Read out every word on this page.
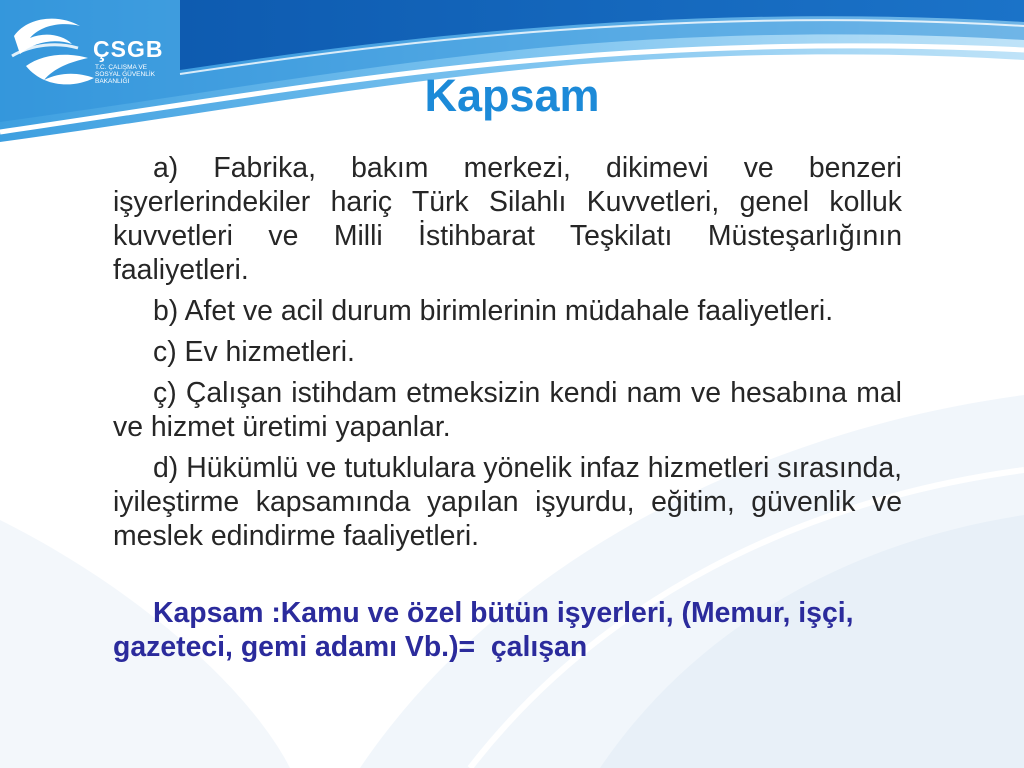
ÇSGB
T.C. ÇALIŞMA VE
SOSYAL GÜVENLİK
BAKANLIĞI	Kapsam

a) Fabrika, bakım merkezi, dikimevi ve benzeri işyerlerindekiler hariç Türk Silahlı Kuvvetleri, genel kolluk kuvvetleri ve Milli İstihbarat Teşkilatı Müsteşarlığının faaliyetleri.

b) Afet ve acil durum birimlerinin müdahale faaliyetleri.

c) Ev hizmetleri.

ç) Çalışan istihdam etmeksizin kendi nam ve hesabına mal ve hizmet üretimi yapanlar.

d) Hükümlü ve tutuklulara yönelik infaz hizmetleri sırasında, iyileştirme kapsamında yapılan işyurdu, eğitim, güvenlik ve meslek edindirme faaliyetleri.

Kapsam :Kamu ve özel bütün işyerleri, (Memur, işçi, gazeteci, gemi adamı Vb.)=  çalışan
